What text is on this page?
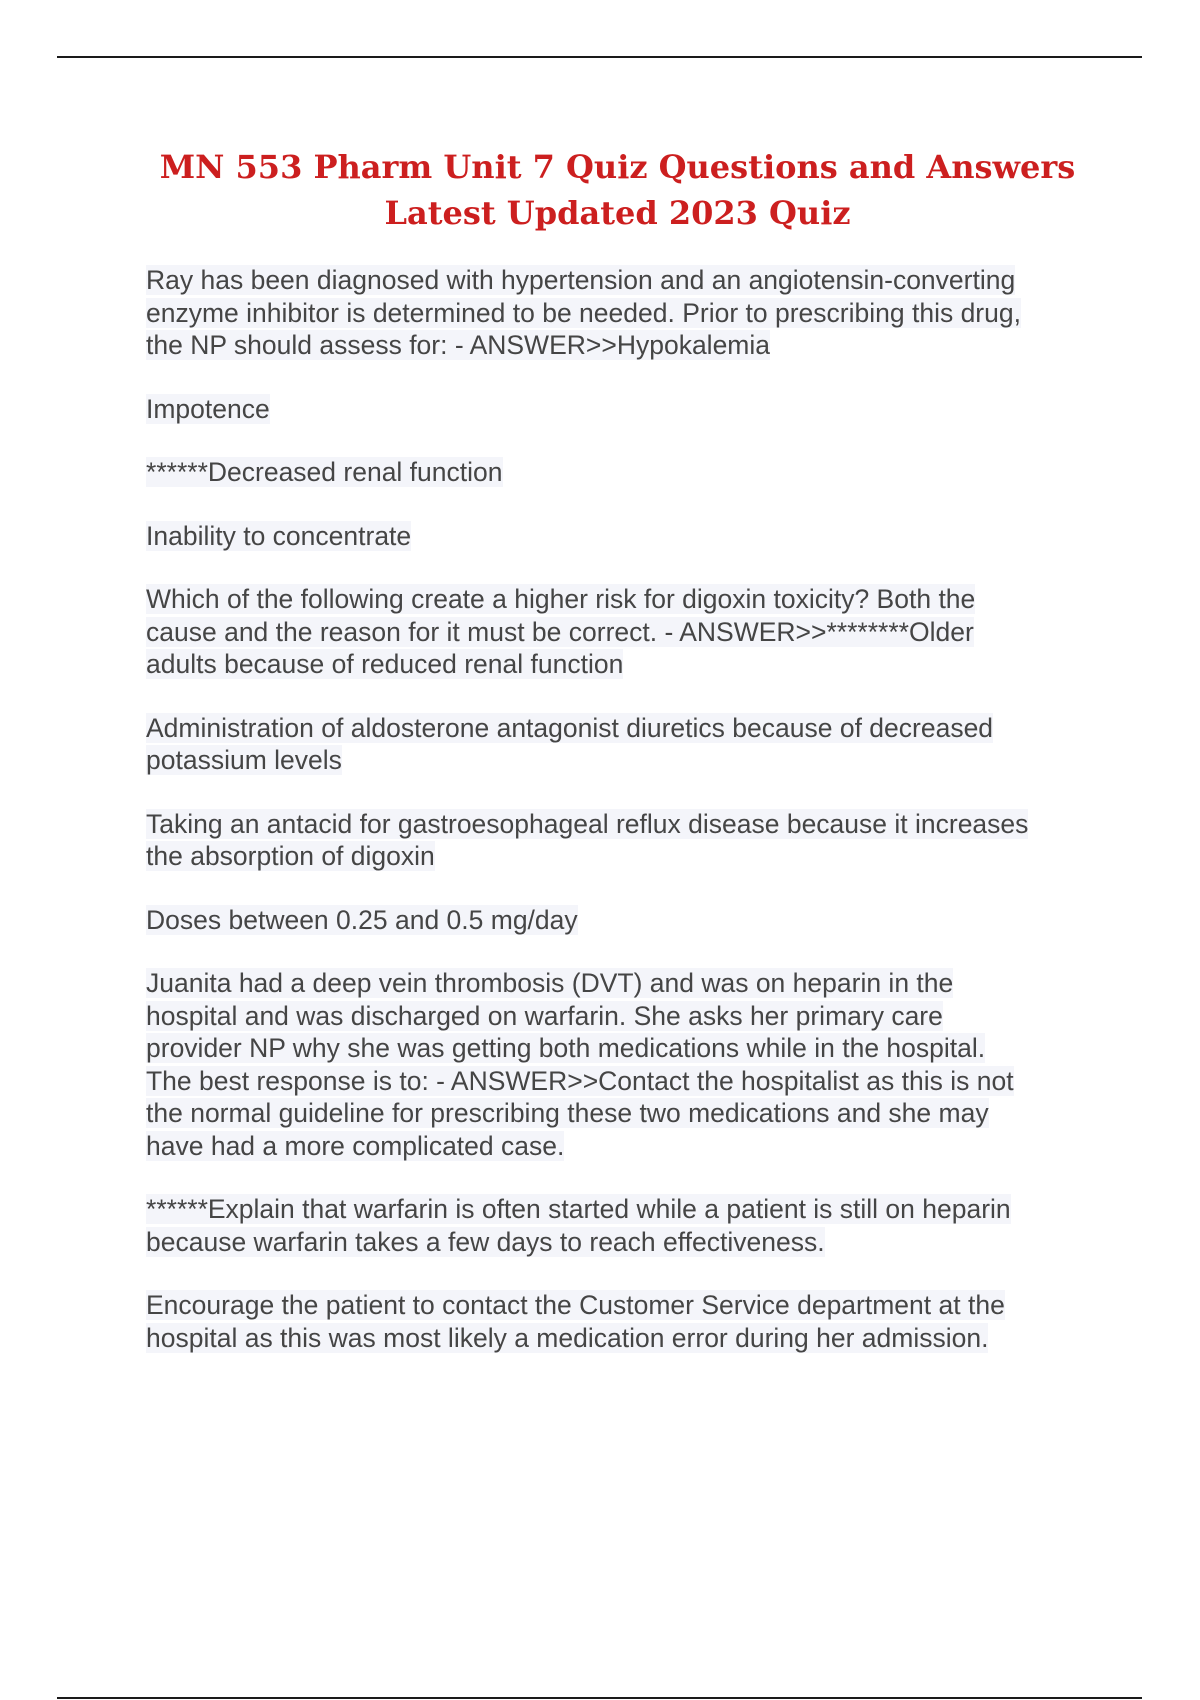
MN 553 Pharm Unit 7 Quiz Questions and Answers
Latest Updated 2023 Quiz

Ray has been diagnosed with hypertension and an angiotensin-converting
enzyme inhibitor is determined to be needed. Prior to prescribing this drug,
the NP should assess for: - ANSWER>>Hypokalemia

Impotence

******Decreased renal function

Inability to concentrate

Which of the following create a higher risk for digoxin toxicity? Both the
cause and the reason for it must be correct. - ANSWER>>********Older
adults because of reduced renal function

Administration of aldosterone antagonist diuretics because of decreased
potassium levels

Taking an antacid for gastroesophageal reflux disease because it increases
the absorption of digoxin

Doses between 0.25 and 0.5 mg/day

Juanita had a deep vein thrombosis (DVT) and was on heparin in the
hospital and was discharged on warfarin. She asks her primary care
provider NP why she was getting both medications while in the hospital.
The best response is to: - ANSWER>>Contact the hospitalist as this is not
the normal guideline for prescribing these two medications and she may
have had a more complicated case.

******Explain that warfarin is often started while a patient is still on heparin
because warfarin takes a few days to reach effectiveness.

Encourage the patient to contact the Customer Service department at the
hospital as this was most likely a medication error during her admission.
